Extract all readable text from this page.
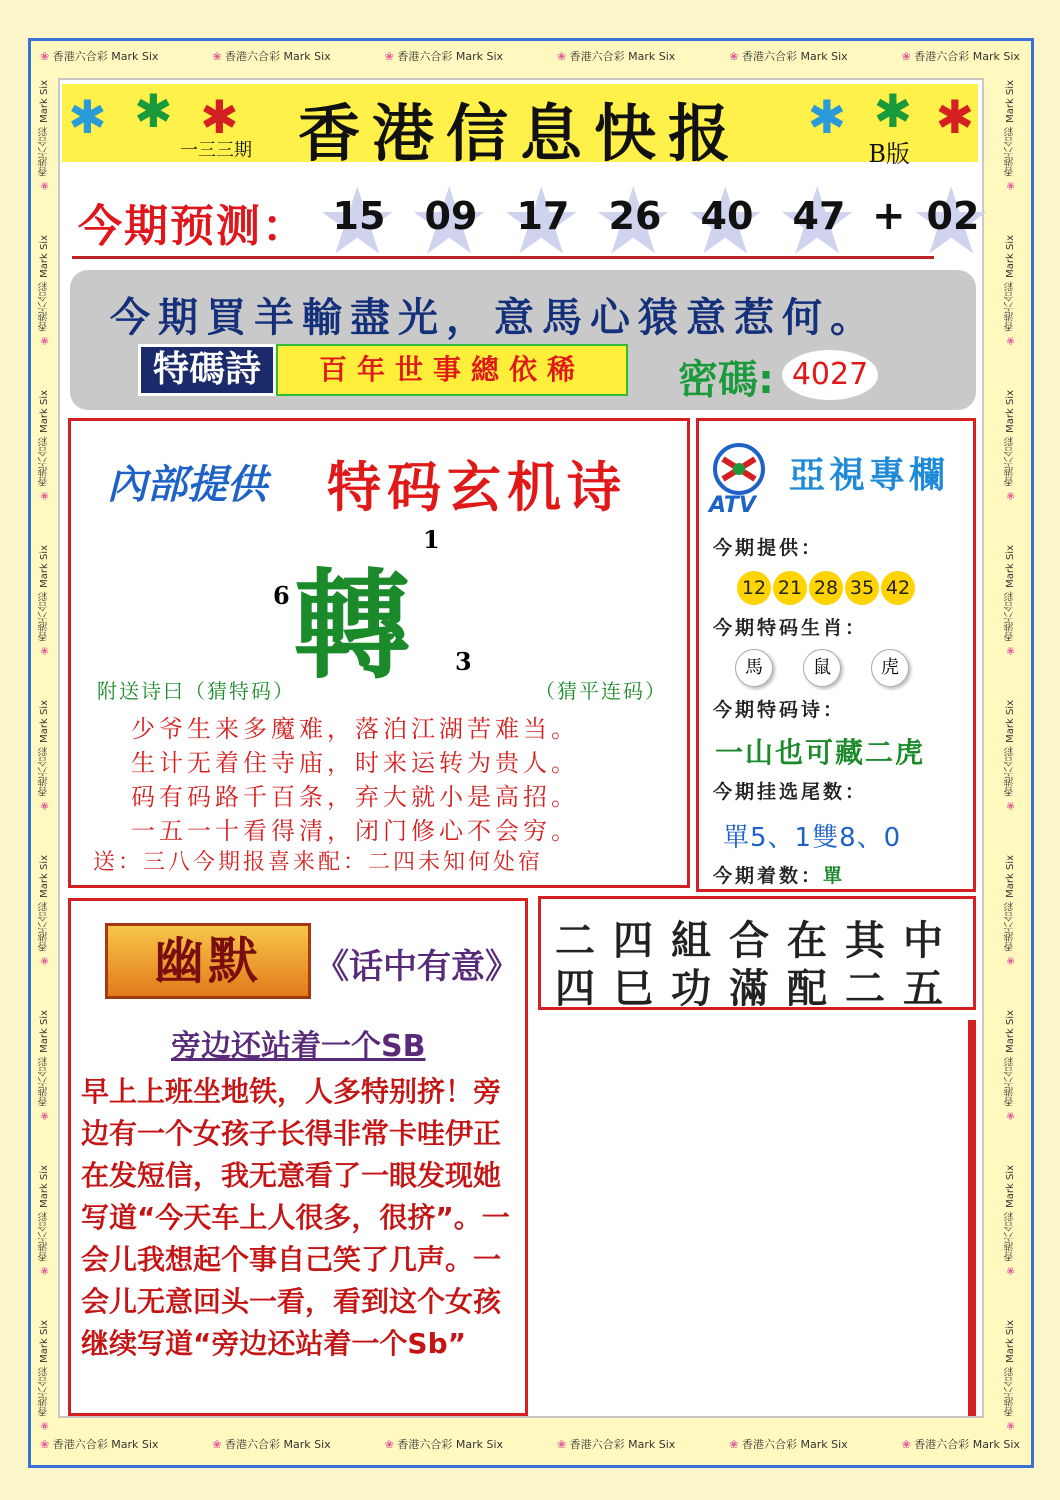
❀ 香港六合彩 Mark Six	❀ 香港六合彩 Mark Six	❀ 香港六合彩 Mark Six	❀ 香港六合彩 Mark Six	❀ 香港六合彩 Mark Six	❀ 香港六合彩 Mark Six
❀ 香港六合彩 Mark Six	❀ 香港六合彩 Mark Six	❀ 香港六合彩 Mark Six	❀ 香港六合彩 Mark Six	❀ 香港六合彩 Mark Six	❀ 香港六合彩 Mark Six
❀ 香港六合彩 Mark Six
❀ 香港六合彩 Mark Six
❀ 香港六合彩 Mark Six
❀ 香港六合彩 Mark Six
❀ 香港六合彩 Mark Six
❀ 香港六合彩 Mark Six
❀ 香港六合彩 Mark Six
❀ 香港六合彩 Mark Six
❀ 香港六合彩 Mark Six
❀ 香港六合彩 Mark Six
❀ 香港六合彩 Mark Six
❀ 香港六合彩 Mark Six
❀ 香港六合彩 Mark Six
❀ 香港六合彩 Mark Six
❀ 香港六合彩 Mark Six
❀ 香港六合彩 Mark Six
❀ 香港六合彩 Mark Six
❀ 香港六合彩 Mark Six
✱ ✱ ✱ 香港信息快报
一三三期	B版
✱ ✱ ✱
今期预测： ★ 15 ★ 09 ★ 17 ★ 26 ★ 40 ★ 47 + ★ 02
今期買羊輸盡光，意馬心猿意惹何。
特碼詩	百年世事總依稀	密碼: 4027
內部提供 特码玄机诗
1
6 轉 3
附送诗曰（猜特码）	（猜平连码）
少爷生来多魔难，落泊江湖苦难当。
生计无着住寺庙，时来运转为贵人。
码有码路千百条，弃大就小是高招。
一五一十看得清，闭门修心不会穷。
送：三八今期报喜来配：二四未知何处宿
ATV
亞視專欄
今期提供：
12 21 28 35 42
今期特码生肖：
馬	鼠	虎
今期特码诗：
一山也可藏二虎
今期挂选尾数：
單5、1雙8、0
今期着数：單
幽默	《话中有意》
旁边还站着一个SB
早上上班坐地铁，人多特别挤！旁边有一个女孩子长得非常卡哇伊正在发短信，我无意看了一眼发现她写道“今天车上人很多，很挤”。一会儿我想起个事自己笑了几声。一会儿无意回头一看，看到这个女孩继续写道“旁边还站着一个Sb”
二四組合在其中
四巳功滿配二五
